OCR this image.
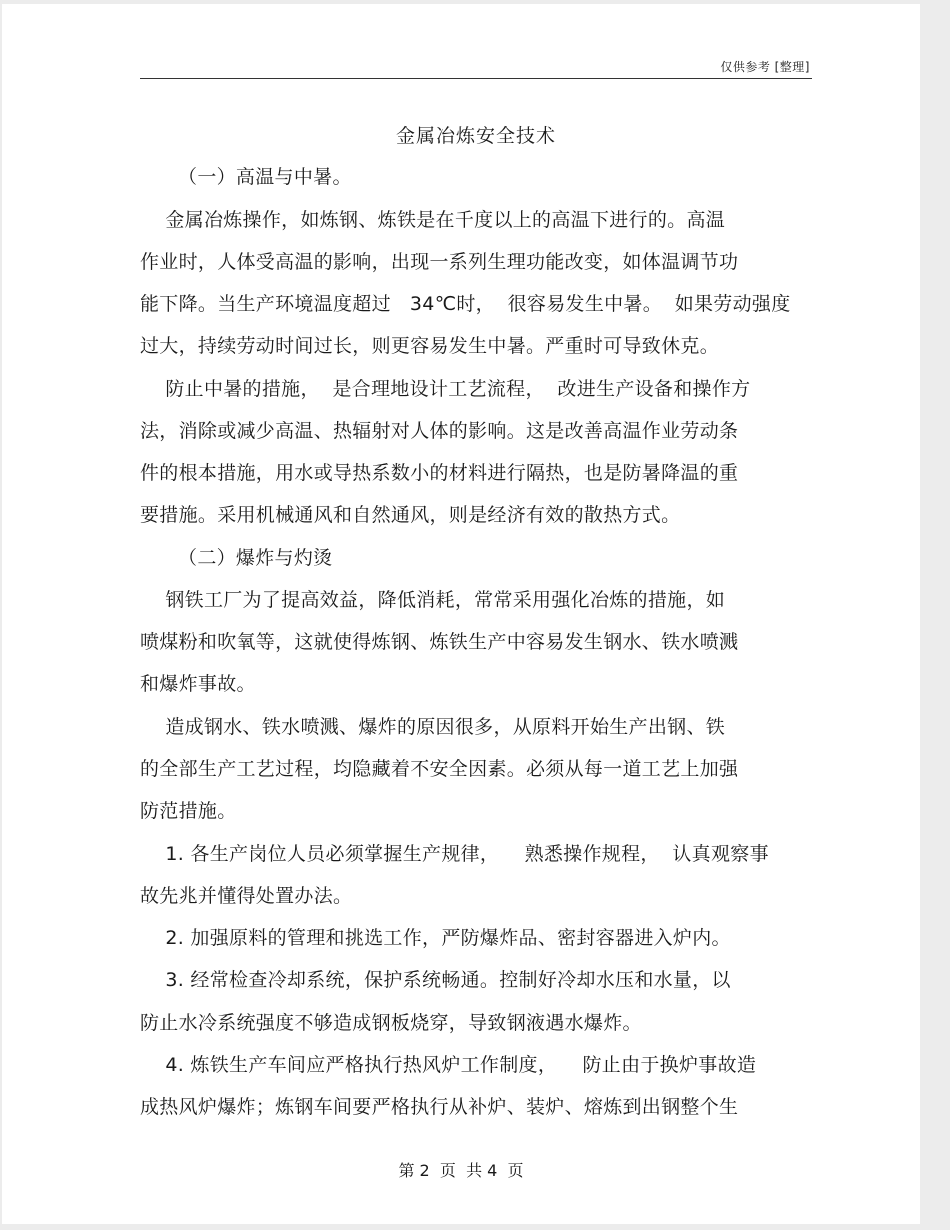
仅供参考 [整理]
金属冶炼安全技术
（一）高温与中暑。
金属冶炼操作，如炼钢、炼铁是在千度以上的高温下进行的。高温
作业时，人体受高温的影响，出现一系列生理功能改变，如体温调节功
能下降。当生产环境温度超过   34℃时，  很容易发生中暑。  如果劳动强度
过大，持续劳动时间过长，则更容易发生中暑。严重时可导致休克。
防止中暑的措施，  是合理地设计工艺流程，  改进生产设备和操作方
法，消除或减少高温、热辐射对人体的影响。这是改善高温作业劳动条
件的根本措施，用水或导热系数小的材料进行隔热，也是防暑降温的重
要措施。采用机械通风和自然通风，则是经济有效的散热方式。
（二）爆炸与灼烫
钢铁工厂为了提高效益，降低消耗，常常采用强化冶炼的措施，如
喷煤粉和吹氧等，这就使得炼钢、炼铁生产中容易发生钢水、铁水喷溅
和爆炸事故。
造成钢水、铁水喷溅、爆炸的原因很多，从原料开始生产出钢、铁
的全部生产工艺过程，均隐藏着不安全因素。必须从每一道工艺上加强
防范措施。
1. 各生产岗位人员必须掌握生产规律，    熟悉操作规程，  认真观察事
故先兆并懂得处置办法。
2. 加强原料的管理和挑选工作，严防爆炸品、密封容器进入炉内。
3. 经常检查冷却系统，保护系统畅通。控制好冷却水压和水量，以
防止水冷系统强度不够造成钢板烧穿，导致钢液遇水爆炸。
4. 炼铁生产车间应严格执行热风炉工作制度，    防止由于换炉事故造
成热风炉爆炸；炼钢车间要严格执行从补炉、装炉、熔炼到出钢整个生
第 2  页  共 4  页
